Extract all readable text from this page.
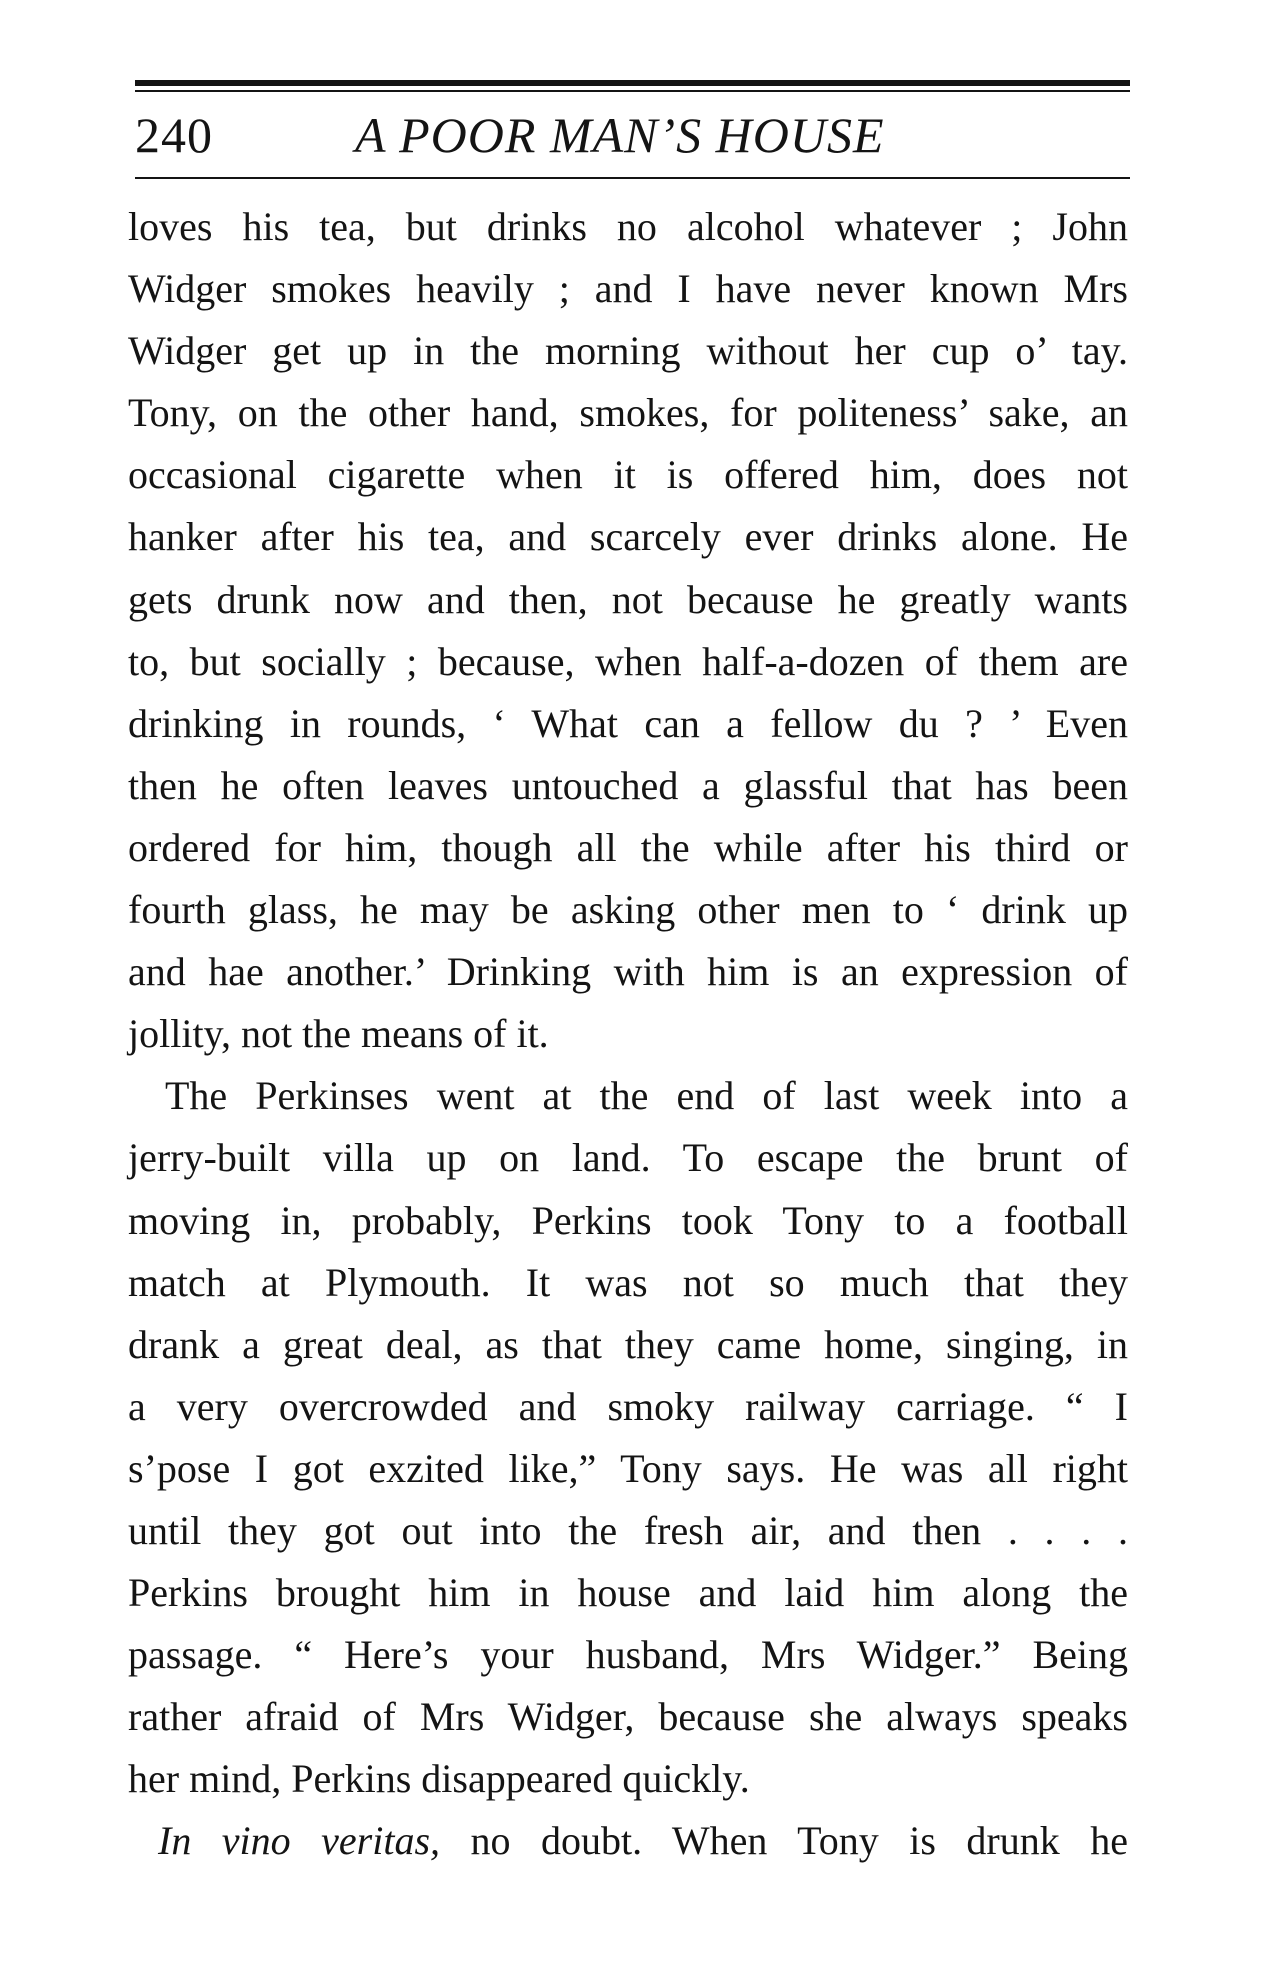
240	A POOR MAN’S HOUSE
loves his tea, but drinks no alcohol whatever ; John
Widger smokes heavily ; and I have never known Mrs
Widger get up in the morning without her cup o’ tay.
Tony, on the other hand, smokes, for politeness’ sake, an
occasional cigarette when it is offered him, does not
hanker after his tea, and scarcely ever drinks alone. He
gets drunk now and then, not because he greatly wants
to, but socially ; because, when half-a-dozen of them are
drinking in rounds, ‘ What can a fellow du ? ’ Even
then he often leaves untouched a glassful that has been
ordered for him, though all the while after his third or
fourth glass, he may be asking other men to ‘ drink up
and hae another.’ Drinking with him is an expression of
jollity, not the means of it.
The Perkinses went at the end of last week into a
jerry-built villa up on land. To escape the brunt of
moving in, probably, Perkins took Tony to a football
match at Plymouth. It was not so much that they
drank a great deal, as that they came home, singing, in
a very overcrowded and smoky railway carriage. “ I
s’pose I got exzited like,” Tony says. He was all right
until they got out into the fresh air, and then . . . .
Perkins brought him in house and laid him along the
passage. “ Here’s your husband, Mrs Widger.” Being
rather afraid of Mrs Widger, because she always speaks
her mind, Perkins disappeared quickly.
In vino veritas, no doubt. When Tony is drunk he
